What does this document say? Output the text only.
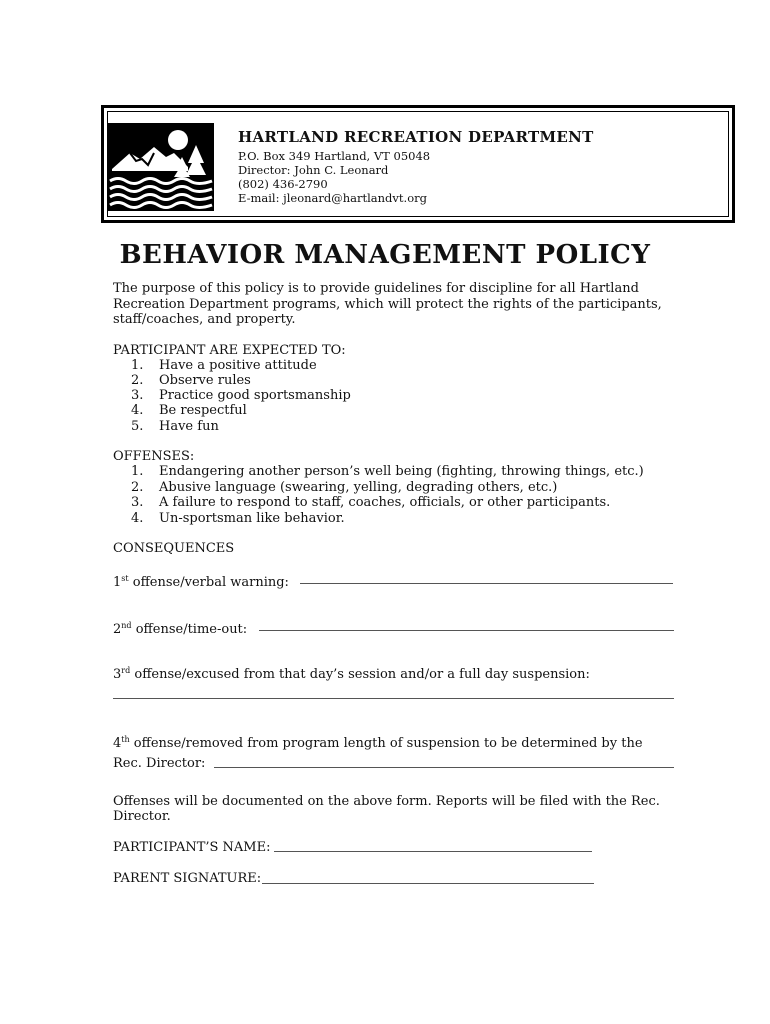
HARTLAND RECREATION DEPARTMENT
P.O. Box 349 Hartland, VT 05048
Director: John C. Leonard
(802) 436-2790
E-mail: jleonard@hartlandvt.org
BEHAVIOR MANAGEMENT POLICY
The purpose of this policy is to provide guidelines for discipline for all Hartland
Recreation Department programs, which will protect the rights of the participants,
staff/coaches, and property.
PARTICIPANT ARE EXPECTED TO:
1. Have a positive attitude
2. Observe rules
3. Practice good sportsmanship
4. Be respectful
5. Have fun
OFFENSES:
1. Endangering another person’s well being (fighting, throwing things, etc.)
2. Abusive language (swearing, yelling, degrading others, etc.)
3. A failure to respond to staff, coaches, officials, or other participants.
4. Un-sportsman like behavior.
CONSEQUENCES
1st offense/verbal warning:
2nd offense/time-out:
3rd offense/excused from that day’s session and/or a full day suspension:
4th offense/removed from program length of suspension to be determined by the
Rec. Director:
Offenses will be documented on the above form. Reports will be filed with the Rec.
Director.
PARTICIPANT’S NAME:
PARENT SIGNATURE:
